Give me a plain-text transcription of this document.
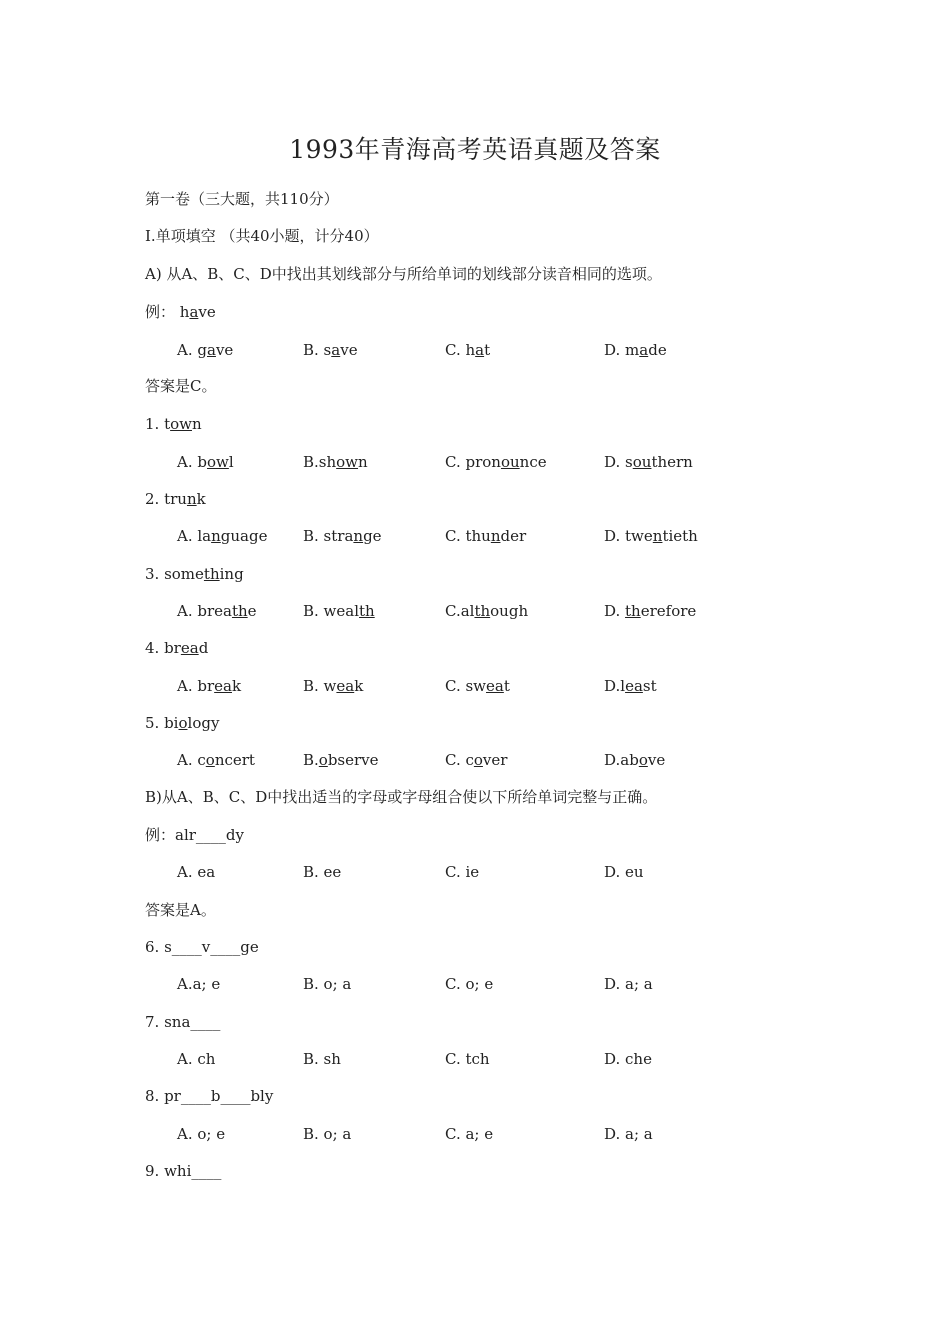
1993年青海高考英语真题及答案
第一卷（三大题，共110分）
Ⅰ.单项填空 （共40小题，计分40）
A) 从A、B、C、D中找出其划线部分与所给单词的划线部分读音相同的选项。
例： have
A. gave	B. save	C. hat	D. made
答案是C。
1. town
A. bowl	B.shown	C. pronounce	D. southern
2. trunk
A. language B. strange	C. thunder	D. twentieth
3. something
A. breathe	B. wealth	C.although	D. therefore
4. bread
A. break	B. weak	C. sweat	D.least
5. biology
A. concert	B.observe	C. cover	D.above
B)从A、B、C、D中找出适当的字母或字母组合使以下所给单词完整与正确。
例：alr____dy
A. ea	B. ee	C. ie	D. eu
答案是A。
6. s____v____ge
A.a; e	B. o; a	C. o; e	D. a; a
7. sna____
A. ch	B. sh	C. tch	D. che
8. pr____b____bly
A. o; e	B. o; a	C. a; e	D. a; a
9. whi____
